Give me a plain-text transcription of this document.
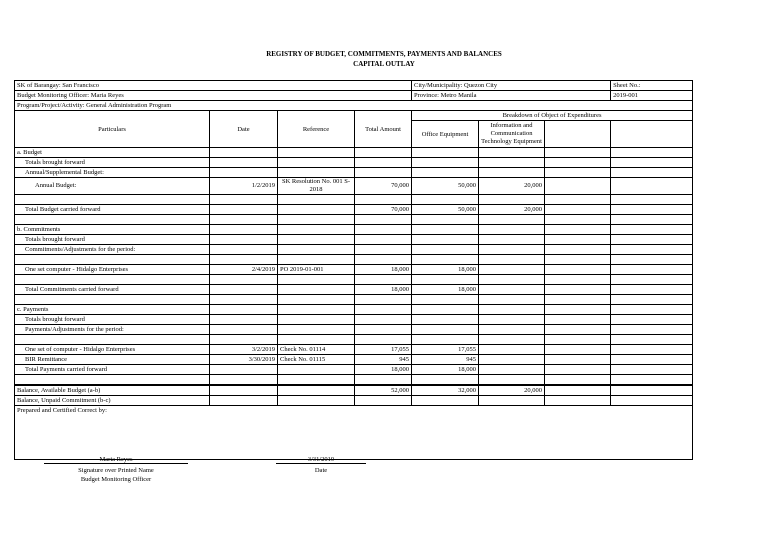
REGISTRY OF BUDGET, COMMITMENTS, PAYMENTS AND BALANCES
CAPITAL OUTLAY
SK of Barangay: San Francisco				City/Municipality: Quezon City			Sheet No.:
Budget Monitoring Officer: Maria Reyes				Province: Metro Manila			2019-001
Program/Project/Activity: General Administration Program							
Particulars	Date	Reference	Total Amount	Breakdown of Object of Expenditures			
				Office Equipment	Information and Communication Technology Equipment		
a. Budget							
Totals brought forward							
Annual/Supplemental Budget:							
Annual Budget:	1/2/2019	SK Resolution No. 001 S-2018	70,000	50,000	20,000		

Total Budget carried forward			70,000	50,000	20,000		

b. Commitments							
Totals brought forward							
Commitments/Adjustments for the period:							

One set computer - Hidalgo Enterprises	2/4/2019	PO 2019-01-001	18,000	18,000			

Total Commitments carried forward			18,000	18,000			

c. Payments							
Totals brought forward							
Payments/Adjustments for the period:							

One set of computer - Hidalgo Enterprises	3/2/2019	Check No. 01114	17,055	17,055			
BIR Remittance	3/30/2019	Check No. 01115	945	945			
Total Payments carried forward			18,000	18,000			

Balance, Available Budget (a-b)			52,000	32,000	20,000		
Balance, Unpaid Commitment (b-c)							
Prepared and Certified Correct by:							

Maria Reyes
Signature over Printed Name
Budget Monitoring Officer
3/31/2019
Date
